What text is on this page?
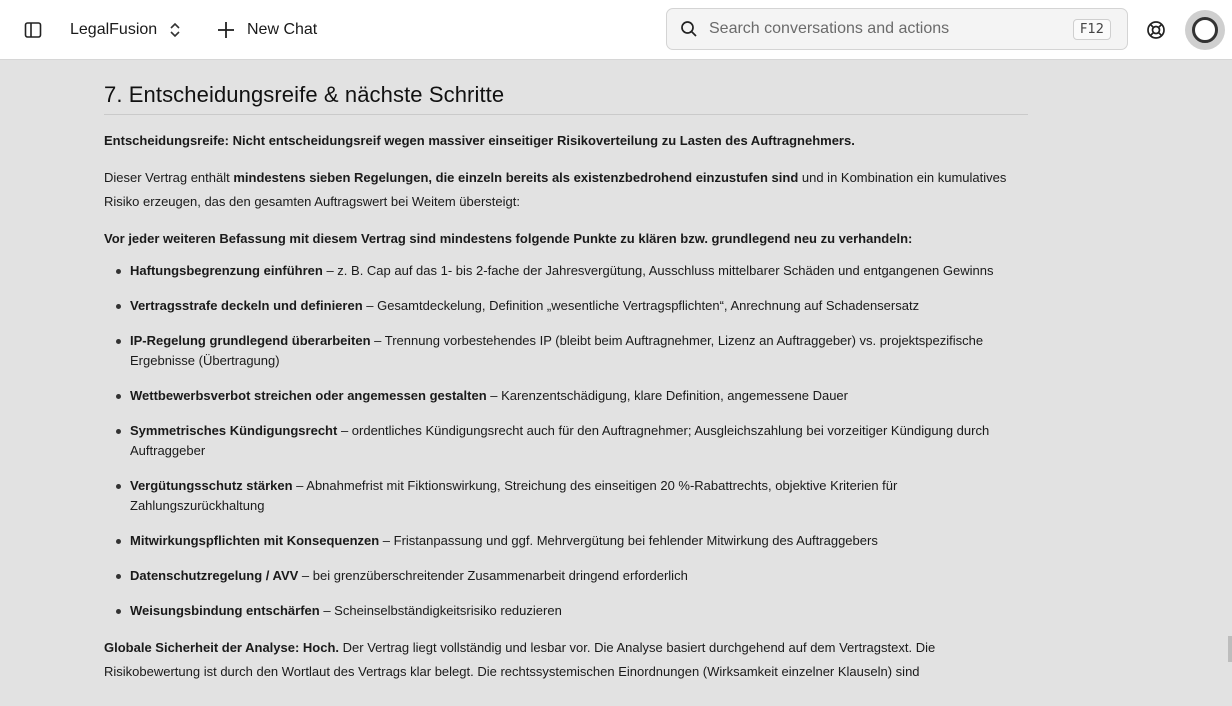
LegalFusion	New Chat
Search conversations and actions	F12
7. Entscheidungsreife & nächste Schritte

Entscheidungsreife: Nicht entscheidungsreif wegen massiver einseitiger Risikoverteilung zu Lasten des Auftragnehmers.

Dieser Vertrag enthält mindestens sieben Regelungen, die einzeln bereits als existenzbedrohend einzustufen sind und in Kombination ein kumulatives Risiko erzeugen, das den gesamten Auftragswert bei Weitem übersteigt:

Vor jeder weiteren Befassung mit diesem Vertrag sind mindestens folgende Punkte zu klären bzw. grundlegend neu zu verhandeln:

Haftungsbegrenzung einführen – z. B. Cap auf das 1- bis 2-fache der Jahresvergütung, Ausschluss mittelbarer Schäden und entgangenen Gewinns
Vertragsstrafe deckeln und definieren – Gesamtdeckelung, Definition „wesentliche Vertragspflichten“, Anrechnung auf Schadensersatz
IP-Regelung grundlegend überarbeiten – Trennung vorbestehendes IP (bleibt beim Auftragnehmer, Lizenz an Auftraggeber) vs. projektspezifische Ergebnisse (Übertragung)
Wettbewerbsverbot streichen oder angemessen gestalten – Karenzentschädigung, klare Definition, angemessene Dauer
Symmetrisches Kündigungsrecht – ordentliches Kündigungsrecht auch für den Auftragnehmer; Ausgleichszahlung bei vorzeitiger Kündigung durch Auftraggeber
Vergütungsschutz stärken – Abnahmefrist mit Fiktionswirkung, Streichung des einseitigen 20 %-Rabattrechts, objektive Kriterien für Zahlungszurückhaltung
Mitwirkungspflichten mit Konsequenzen – Fristanpassung und ggf. Mehrvergütung bei fehlender Mitwirkung des Auftraggebers
Datenschutzregelung / AVV – bei grenzüberschreitender Zusammenarbeit dringend erforderlich
Weisungsbindung entschärfen – Scheinselbständigkeitsrisiko reduzieren

Globale Sicherheit der Analyse: Hoch. Der Vertrag liegt vollständig und lesbar vor. Die Analyse basiert durchgehend auf dem Vertragstext. Die Risikobewertung ist durch den Wortlaut des Vertrags klar belegt. Die rechtssystemischen Einordnungen (Wirksamkeit einzelner Klauseln) sind
